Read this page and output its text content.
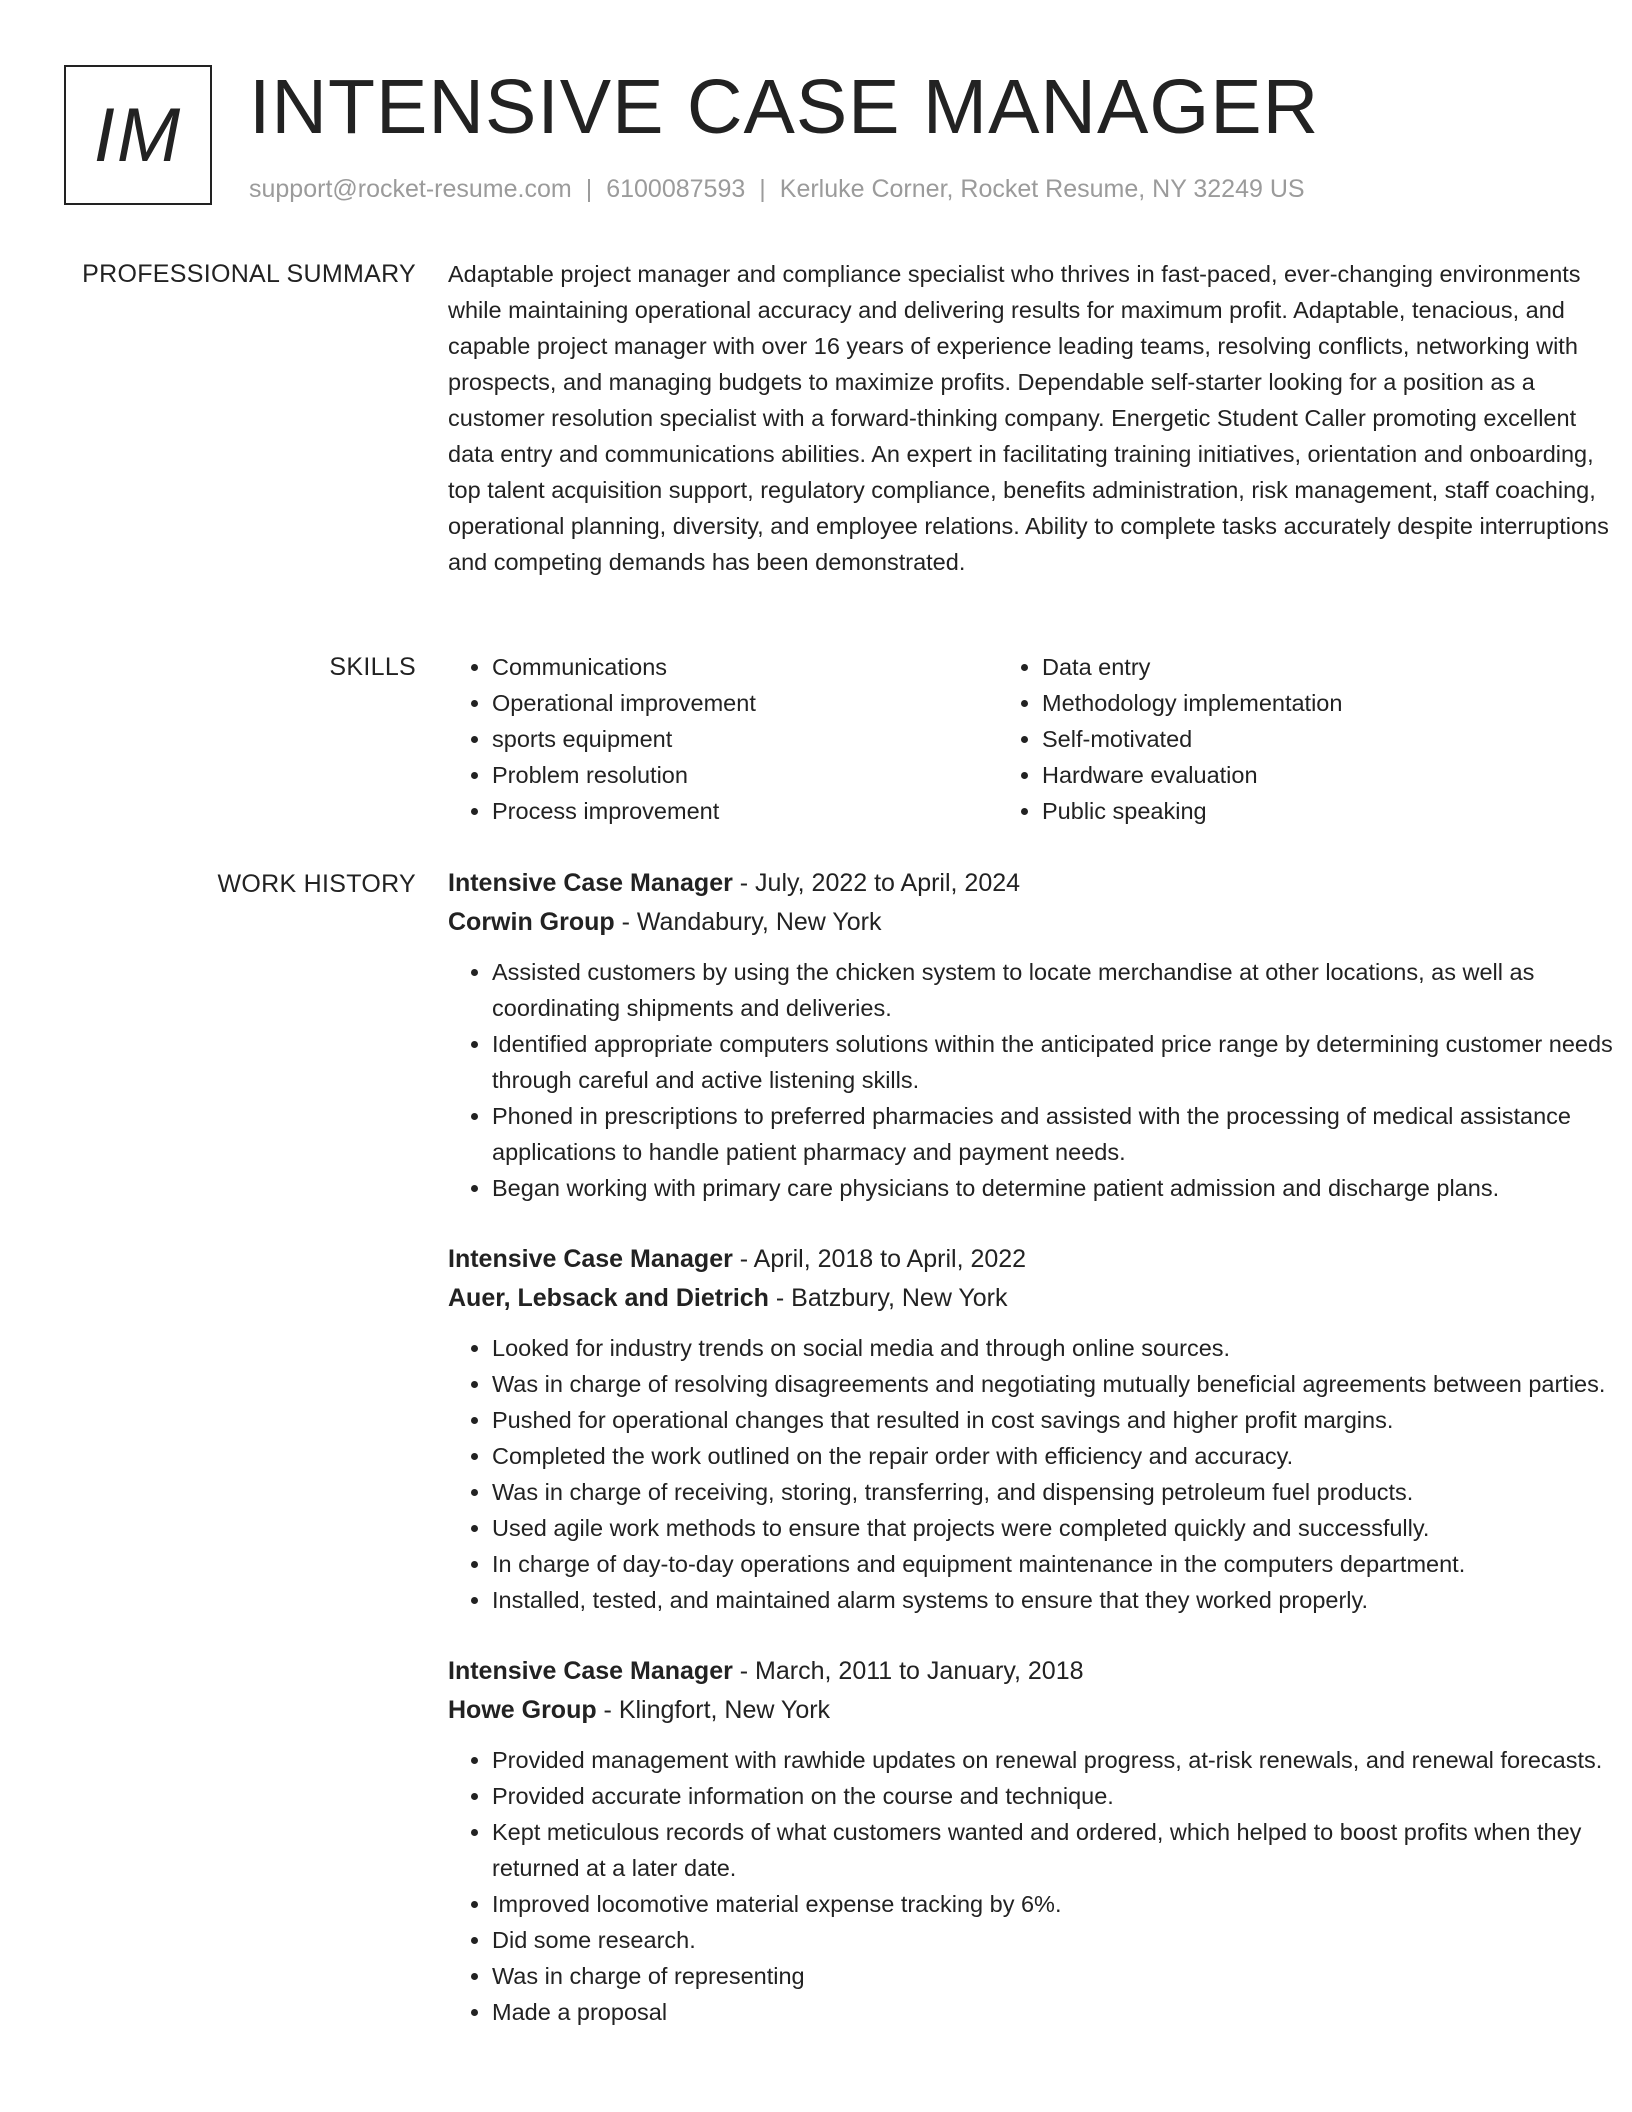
IM INTENSIVE CASE MANAGER
support@rocket-resume.com | 6100087593 | Kerluke Corner, Rocket Resume, NY 32249 US
PROFESSIONAL SUMMARY Adaptable project manager and compliance specialist who thrives in fast-paced, ever-changing environments while maintaining operational accuracy and delivering results for maximum profit. Adaptable, tenacious, and capable project manager with over 16 years of experience leading teams, resolving conflicts, networking with prospects, and managing budgets to maximize profits. Dependable self-starter looking for a position as a customer resolution specialist with a forward-thinking company. Energetic Student Caller promoting excellent data entry and communications abilities. An expert in facilitating training initiatives, orientation and onboarding, top talent acquisition support, regulatory compliance, benefits administration, risk management, staff coaching, operational planning, diversity, and employee relations. Ability to complete tasks accurately despite interruptions and competing demands has been demonstrated.

SKILLS
•	Communications
• Operational improvement
• sports equipment
• Problem resolution
• Process improvement
• Data entry
• Methodology implementation
• Self-motivated
• Hardware evaluation
• Public speaking
WORK HISTORY Intensive Case Manager - July, 2022 to April, 2024
Corwin Group - Wandabury, New York
• Assisted customers by using the chicken system to locate merchandise at other locations, as well as coordinating shipments and deliveries.
• Identified appropriate computers solutions within the anticipated price range by determining customer needs through careful and active listening skills.
• Phoned in prescriptions to preferred pharmacies and assisted with the processing of medical assistance applications to handle patient pharmacy and payment needs.
• Began working with primary care physicians to determine patient admission and discharge plans.
Intensive Case Manager - April, 2018 to April, 2022
Auer, Lebsack and Dietrich - Batzbury, New York
• Looked for industry trends on social media and through online sources.
• Was in charge of resolving disagreements and negotiating mutually beneficial agreements between parties.
• Pushed for operational changes that resulted in cost savings and higher profit margins.
• Completed the work outlined on the repair order with efficiency and accuracy.
• Was in charge of receiving, storing, transferring, and dispensing petroleum fuel products.
• Used agile work methods to ensure that projects were completed quickly and successfully.
• In charge of day-to-day operations and equipment maintenance in the computers department.
• Installed, tested, and maintained alarm systems to ensure that they worked properly.
Intensive Case Manager - March, 2011 to January, 2018
Howe Group - Klingfort, New York
• Provided management with rawhide updates on renewal progress, at-risk renewals, and renewal forecasts.
• Provided accurate information on the course and technique.
• Kept meticulous records of what customers wanted and ordered, which helped to boost profits when they returned at a later date.
• Improved locomotive material expense tracking by 6%.
• Did some research.
• Was in charge of representing
• Made a proposal
